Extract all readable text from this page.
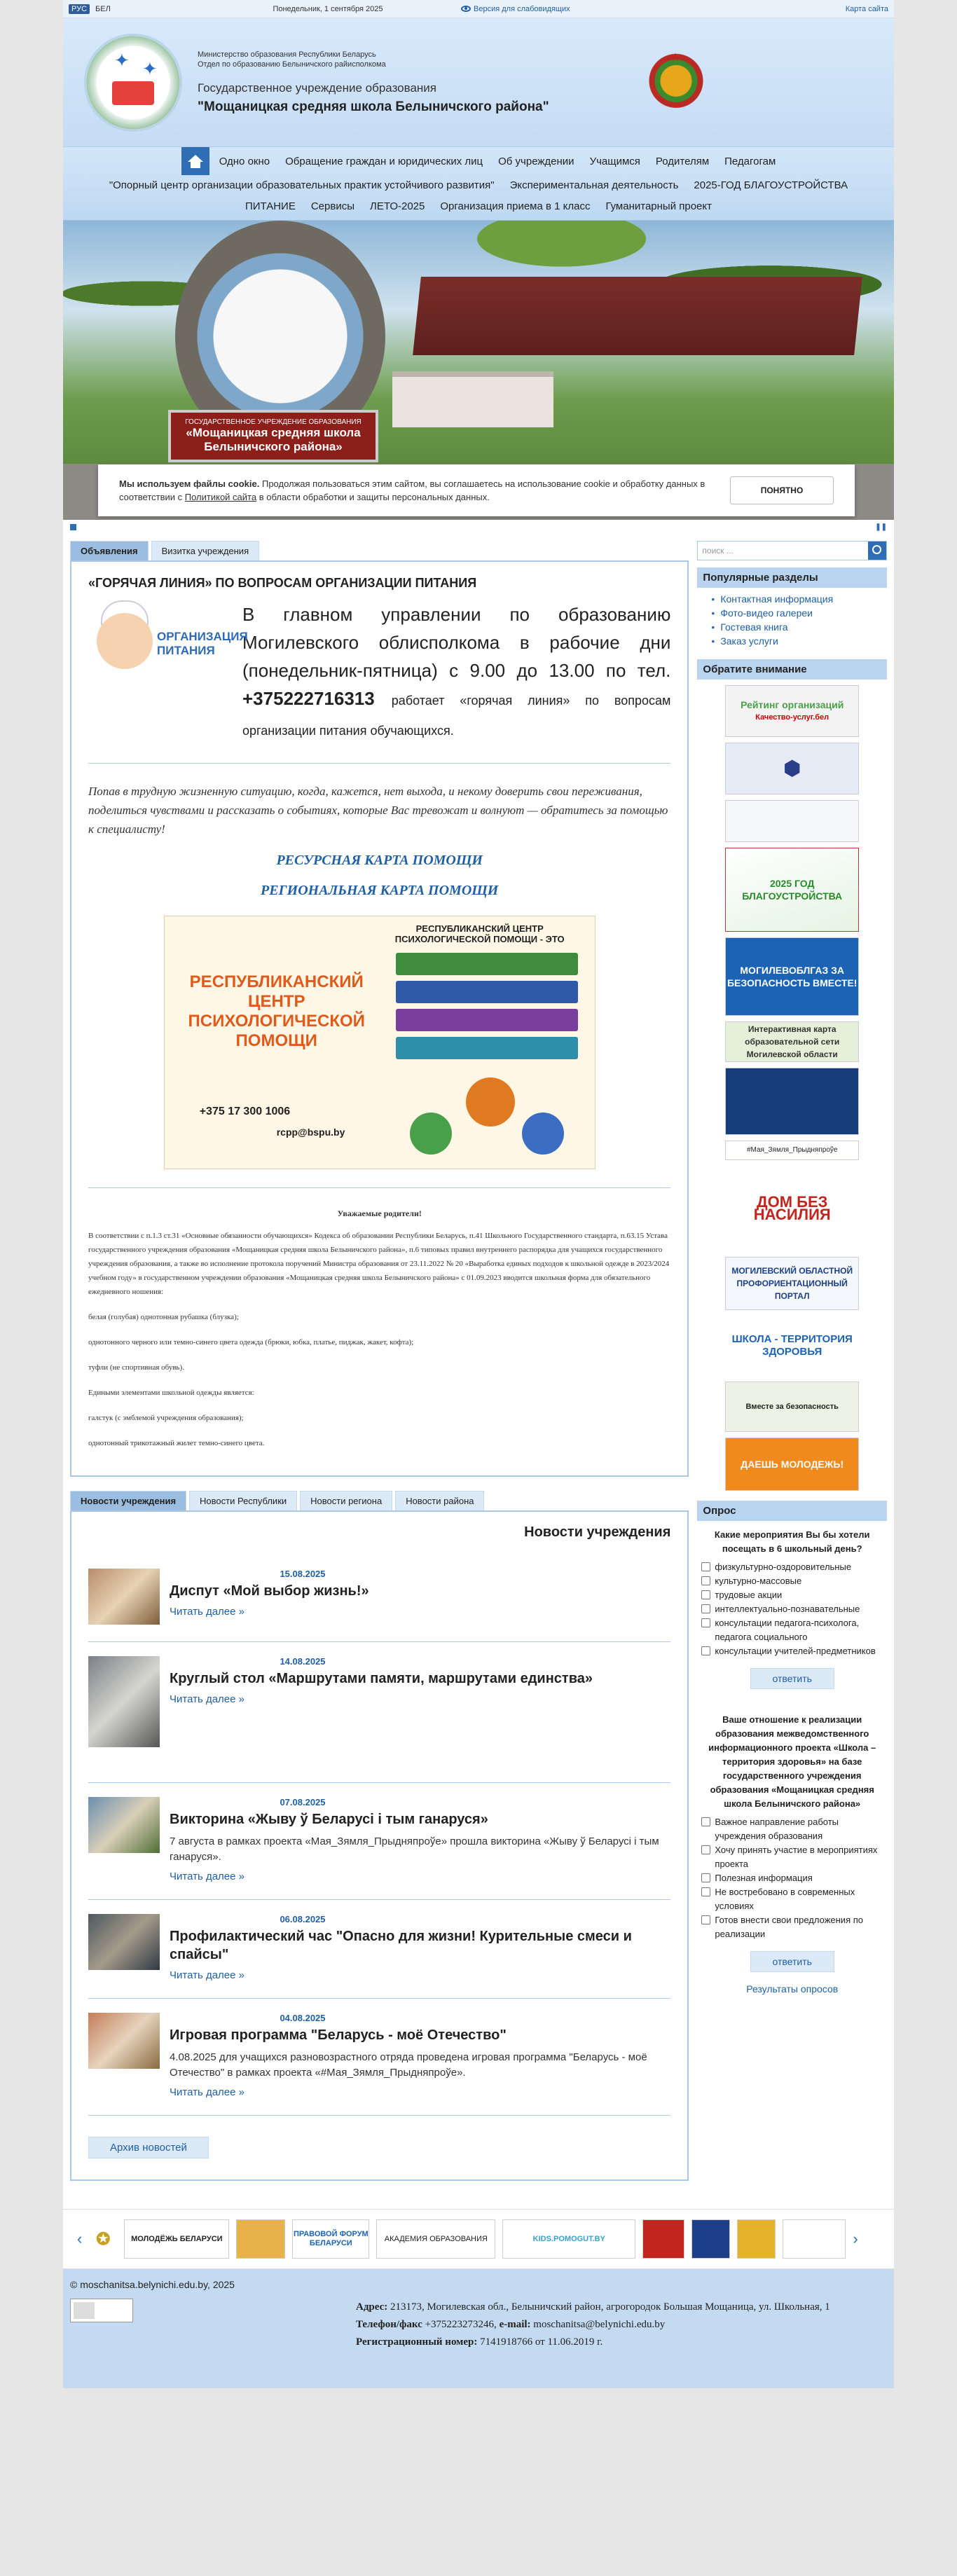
РУС	БЕЛ	Понедельник, 1 сентября 2025	Версия для слабовидящих	Карта сайта
✦ ✦
Министерство образования Республики Беларусь
Отдел по образованию Белыничского райисполкома
Государственное учреждение образования
"Мощаницкая средняя школа Белыничского района"
★
Одно окно Обращение граждан и юридических лиц Об учреждении Учащимся Родителям Педагогам
"Опорный центр организации образовательных практик устойчивого развития" Экспериментальная деятельность 2025-ГОД БЛАГОУСТРОЙСТВА
ПИТАНИЕ Сервисы ЛЕТО-2025 Организация приема в 1 класс Гуманитарный проект
ГОСУДАРСТВЕННОЕ УЧРЕЖДЕНИЕ ОБРАЗОВАНИЯ
«Мощаницкая средняя школа
Белыничского района»
Мы используем файлы cookie. Продолжая пользоваться этим сайтом, вы соглашаетесь на использование cookie и обработку данных в соответствии с Политикой сайта в области обработки и защиты персональных данных.
ПОНЯТНО
❚❚
Объявления	Визитка учреждения
«ГОРЯЧАЯ ЛИНИЯ» ПО ВОПРОСАМ ОРГАНИЗАЦИИ ПИТАНИЯ
ОРГАНИЗАЦИЯ ПИТАНИЯ
В главном управлении по образованию Могилевского облисполкома в рабочие дни (понедельник-пятница) с 9.00 до 13.00 по тел. +375222716313 работает «горячая линия» по вопросам организации питания обучающихся.
Попав в трудную жизненную ситуацию, когда, кажется, нет выхода, и некому доверить свои переживания, поделиться чувствами и рассказать о событиях, которые Вас тревожат и волнуют — обратитесь за помощью к специалисту!
РЕСУРСНАЯ КАРТА ПОМОЩИ
РЕГИОНАЛЬНАЯ КАРТА ПОМОЩИ
РЕСПУБЛИКАНСКИЙ ЦЕНТР ПСИХОЛОГИЧЕСКОЙ ПОМОЩИ - ЭТО
РЕСПУБЛИКАНСКИЙ ЦЕНТР ПСИХОЛОГИЧЕСКОЙ ПОМОЩИ
+375 17 300 1006
rcpp@bspu.by

Уважаемые родители!

В соответствии с п.1.3 ст.31 «Основные обязанности обучающихся» Кодекса об образовании Республики Беларусь, п.41 Школьного Государственного стандарта, п.63.15 Устава государственного учреждения образования «Мощаницкая средняя школа Белыничского района», п.6 типовых правил внутреннего распорядка для учащихся государственного учреждения образования, а также во исполнение протокола поручений Министра образования от 23.11.2022 № 20 «Выработка единых подходов к школьной одежде в 2023/2024 учебном году» в государственном учреждении образования «Мощаницкая средняя школа Белыничского района» с 01.09.2023 вводится школьная форма для обязательного ежедневного ношения:

белая (голубая) однотонная рубашка (блузка);

однотонного черного или темно-синего цвета одежда (брюки, юбка, платье, пиджак, жакет, кофта);

туфли (не спортивная обувь).

Едиными элементами школьной одежды является:

галстук (с эмблемой учреждения образования);

однотонный трикотажный жилет темно-синего цвета.

Новости учреждения	Новости Республики	Новости региона	Новости района
Новости учреждения
15.08.2025
Диспут «Мой выбор жизнь!»
Читать далее »
14.08.2025
Круглый стол «Маршрутами памяти, маршрутами единства»
Читать далее »
07.08.2025
Викторина «Жыву ў Беларусі і тым ганаруся»
7 августа в рамках проекта «Мая_Зямля_Прыдняпроўе» прошла викторина «Жыву ў Беларусі і тым ганаруся».
Читать далее »
06.08.2025
Профилактический час "Опасно для жизни! Курительные смеси и спайсы"
Читать далее »
04.08.2025
Игровая программа "Беларусь - моё Отечество"
4.08.2025 для учащихся разновозрастного отряда проведена игровая программа "Беларусь - моё Отечество" в рамках проекта «#Мая_Зямля_Прыдняпроўе».
Читать далее »
Архив новостей
поиск ...
Популярные разделы
• Контактная информация
• Фото-видео галереи
• Гостевая книга
• Заказ услуги
Обратите внимание
Рейтинг организаций
Качество-услуг.бел
⬢
2025 ГОД БЛАГОУСТРОЙСТВА
МОГИЛЕВОБЛГАЗ ЗА БЕЗОПАСНОСТЬ ВМЕСТЕ!
Интерактивная карта образовательной сети Могилевской области
#Мая_Зямля_Прыдняпроўе
ДОМ БЕЗ НАСИЛИЯ
МОГИЛЕВСКИЙ ОБЛАСТНОЙ ПРОФОРИЕНТАЦИОННЫЙ ПОРТАЛ
ШКОЛА - ТЕРРИТОРИЯ ЗДОРОВЬЯ
Вместе за безопасность
ДАЕШЬ МОЛОДЕЖЬ!
Опрос
Какие мероприятия Вы бы хотели посещать в 6 школьный день?
физкультурно-оздоровительные
культурно-массовые
трудовые акции
интеллектуально-познавательные
консультации педагога-психолога, педагога социального
консультации учителей-предметников
ответить
Ваше отношение к реализации образования межведомственного информационного проекта «Школа – территория здоровья» на базе государственного учреждения образования «Мощаницкая средняя школа Белыничского района»
Важное направление работы учреждения образования
Хочу принять участие в мероприятиях проекта
Полезная информация
Не востребовано в современных условиях
Готов внести свои предложения по реализации
ответить
Результаты опросов
‹ ✪	МОЛОДЁЖЬ БЕЛАРУСИ
ПРАВОВОЙ ФОРУМ БЕЛАРУСИ
АКАДЕМИЯ ОБРАЗОВАНИЯ	KIDS.POMOGUT.BY	›
© moschanitsa.belynichi.edu.by, 2025
Адрес: 213173, Могилевская обл., Белыничский район, агрогородок Большая Мощаница, ул. Школьная, 1
Телефон/факс +375223273246, e-mail: moschanitsa@belynichi.edu.by
Регистрационный номер: 7141918766 от 11.06.2019 г.
